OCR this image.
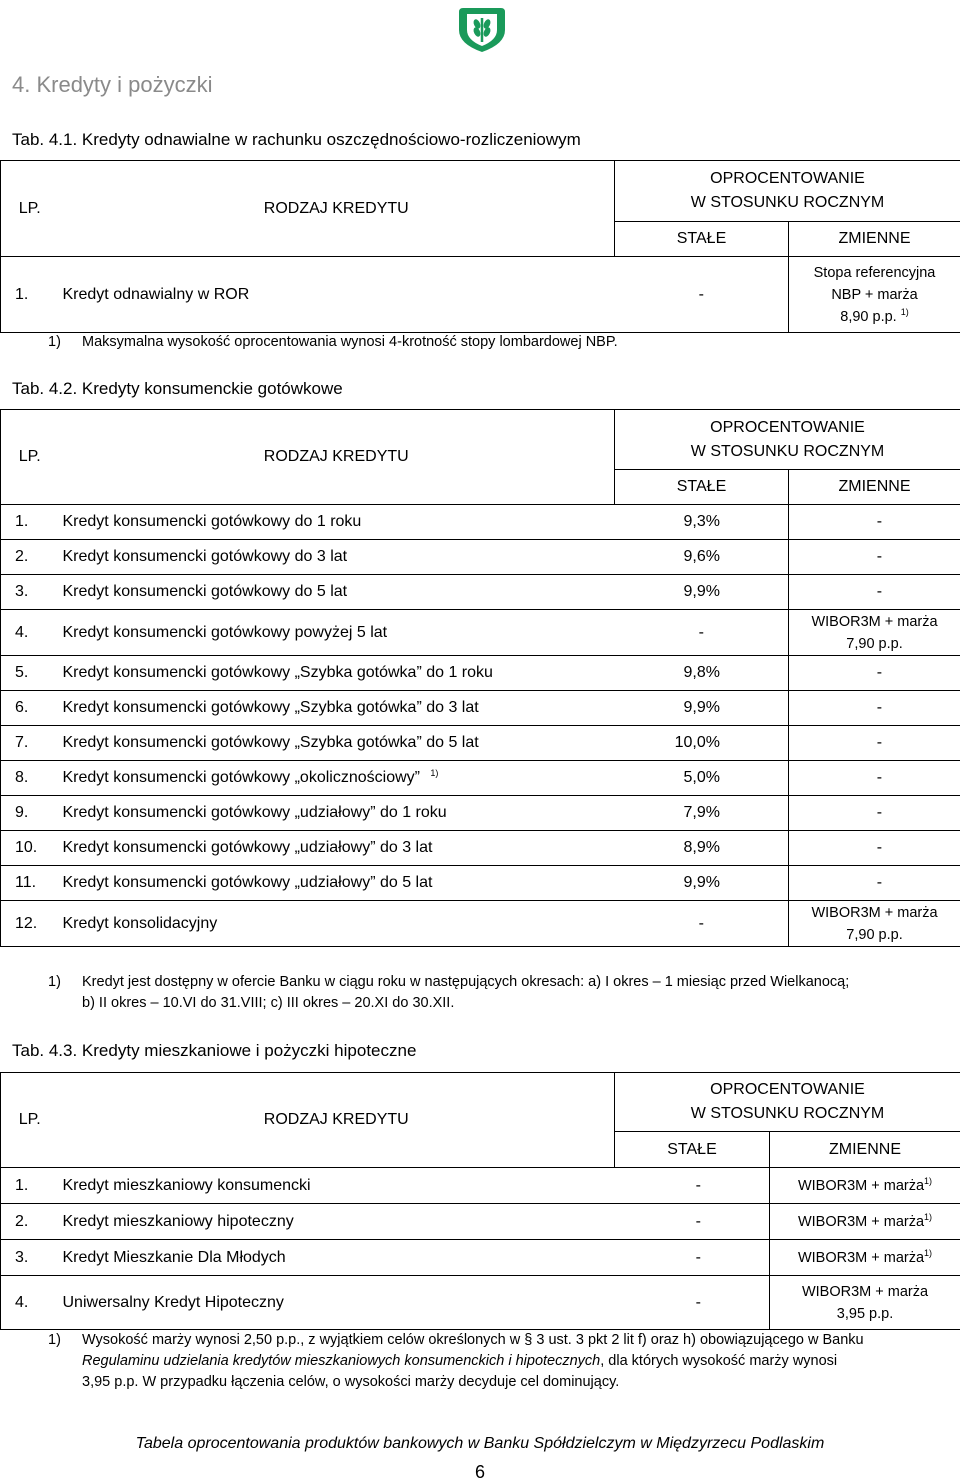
4. Kredyty i pożyczki
Tab. 4.1. Kredyty odnawialne w rachunku oszczędnościowo-rozliczeniowym
LP.	RODZAJ KREDYTU	OPROCENTOWANIE
W STOSUNKU ROCZNYM	

		STAŁE	ZMIENNE
1.	Kredyt odnawialny w ROR	-	Stopa referencyjna
NBP + marża
8,90 p.p. $^{1)}$
1) Maksymalna wysokość oprocentowania wynosi 4-krotność stopy lombardowej NBP.
Tab. 4.2. Kredyty konsumenckie gotówkowe
LP.	RODZAJ KREDYTU	OPROCENTOWANIE
W STOSUNKU ROCZNYM	

		STAŁE	ZMIENNE
1.	Kredyt konsumencki gotówkowy do 1 roku	9,3%	-
2.	Kredyt konsumencki gotówkowy do 3 lat	9,6%	-
3.	Kredyt konsumencki gotówkowy do 5 lat	9,9%	-
4.	Kredyt konsumencki gotówkowy powyżej 5 lat	-	WIBOR3M + marża
7,90 p.p.

5.	Kredyt konsumencki gotówkowy „Szybka gotówka” do 1 roku	9,8%	-
6.	Kredyt konsumencki gotówkowy „Szybka gotówka” do 3 lat	9,9%	-
7.	Kredyt konsumencki gotówkowy „Szybka gotówka” do 5 lat	10,0%	-
8.	Kredyt konsumencki gotówkowy „okolicznościowy” $^{1)}$	5,0%	-
9.	Kredyt konsumencki gotówkowy „udziałowy” do 1 roku	7,9%	-
10.	Kredyt konsumencki gotówkowy „udziałowy” do 3 lat	8,9%	-
11.	Kredyt konsumencki gotówkowy „udziałowy” do 5 lat	9,9%	-
12.	Kredyt konsolidacyjny	-	WIBOR3M + marża
7,90 p.p.
1) Kredyt jest dostępny w ofercie Banku w ciągu roku w następujących okresach: a) I okres – 1 miesiąc przed Wielkanocą;
b) II okres – 10.VI do 31.VIII; c) III okres – 20.XI do 30.XII.
Tab. 4.3. Kredyty mieszkaniowe i pożyczki hipoteczne
LP.	RODZAJ KREDYTU	OPROCENTOWANIE
W STOSUNKU ROCZNYM	

		STAŁE	ZMIENNE
1.	Kredyt mieszkaniowy konsumencki	-	WIBOR3M + marża$^{1)}$
2.	Kredyt mieszkaniowy hipoteczny	-	WIBOR3M + marża$^{1)}$
3.	Kredyt Mieszkanie Dla Młodych	-	WIBOR3M + marża$^{1)}$
4.	Uniwersalny Kredyt Hipoteczny	-	WIBOR3M + marża
3,95 p.p.
1) Wysokość marży wynosi 2,50 p.p., z wyjątkiem celów określonych w § 3 ust. 3 pkt 2 lit f) oraz h) obowiązującego w Banku
Regulaminu udzielania kredytów mieszkaniowych konsumenckich i hipotecznych, dla których wysokość marży wynosi
3,95 p.p. W przypadku łączenia celów, o wysokości marży decyduje cel dominujący.
Tabela oprocentowania produktów bankowych w Banku Spółdzielczym w Międzyrzecu Podlaskim
6
